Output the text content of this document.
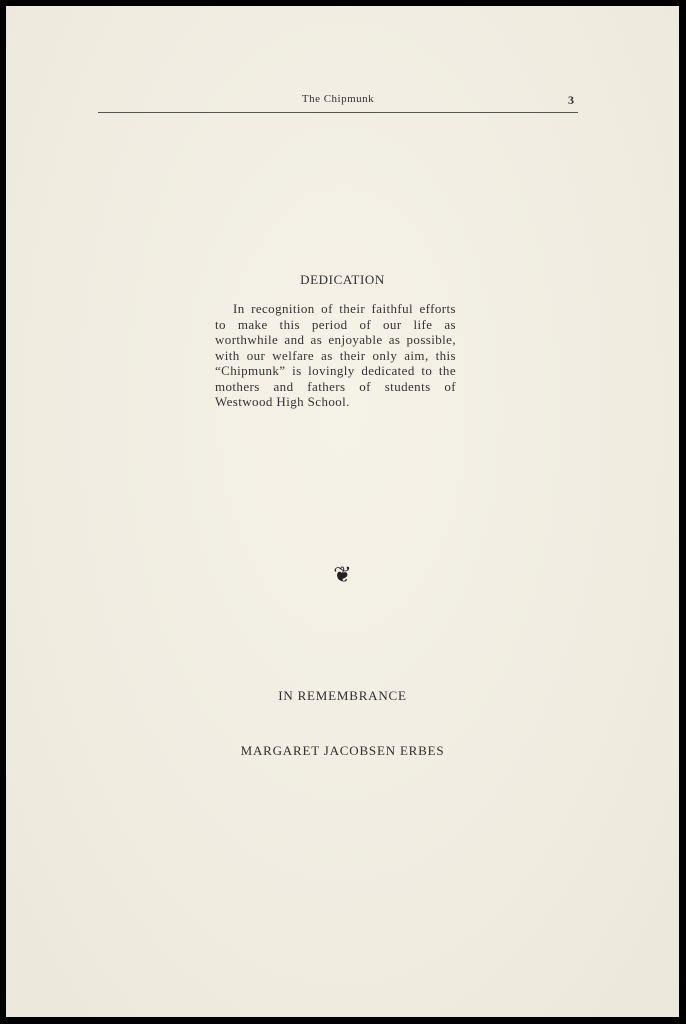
The Chipmunk	3
DEDICATION

In recognition of their faithful efforts to make this period of our life as worthwhile and as enjoyable as possible, with our welfare as their only aim, this “Chipmunk” is lovingly dedicated to the mothers and fathers of students of Westwood High School.

❦
IN REMEMBRANCE
MARGARET JACOBSEN ERBES
